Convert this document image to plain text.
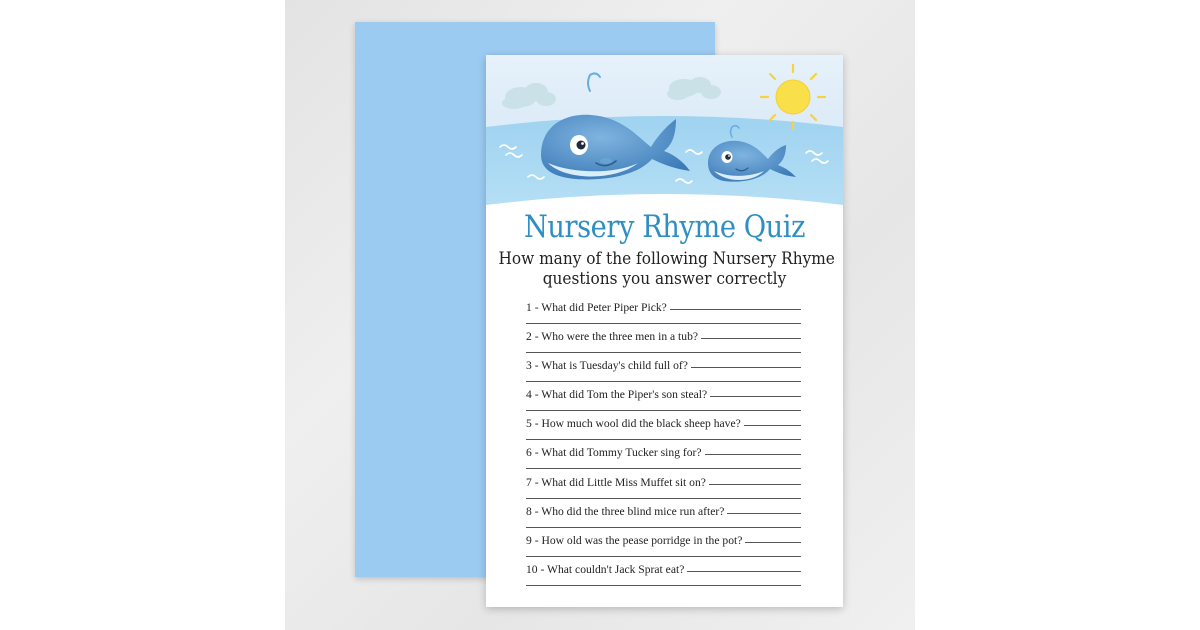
Nursery Rhyme Quiz
How many of the following Nursery Rhyme
questions you answer correctly
1 - What did Peter Piper Pick?
2 - Who were the three men in a tub?
3 - What is Tuesday's child full of?
4 - What did Tom the Piper's son steal?
5 - How much wool did the black sheep have?
6 - What did Tommy Tucker sing for?
7 - What did Little Miss Muffet sit on?
8 - Who did the three blind mice run after?
9 - How old was the pease porridge in the pot?
10 - What couldn't Jack Sprat eat?
